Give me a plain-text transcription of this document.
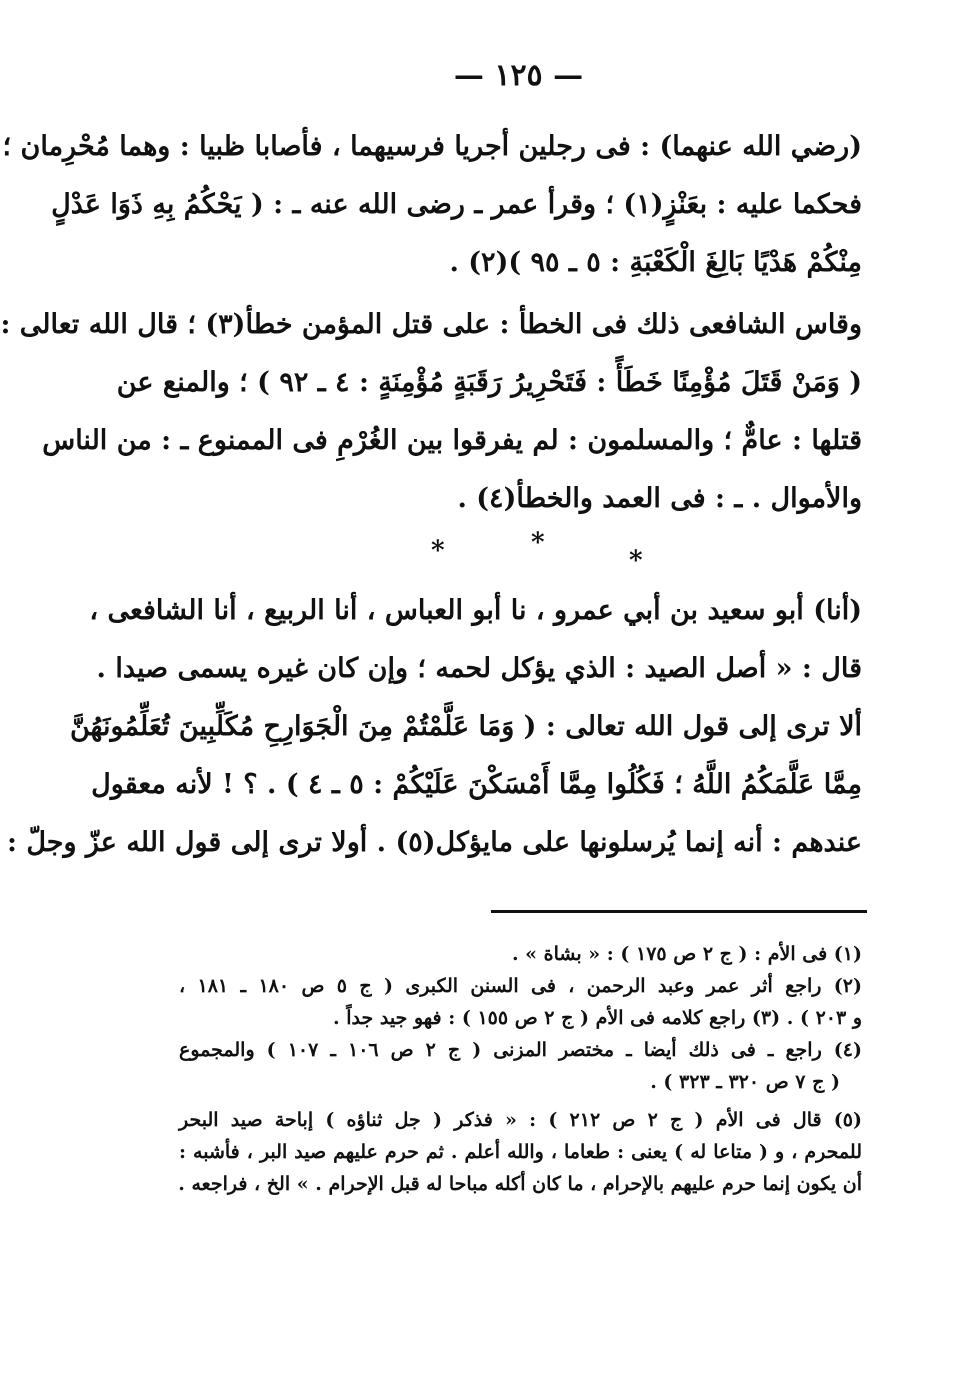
— ١٢٥ —
(رضي الله عنهما) : فى رجلين أجريا فرسيهما ، فأصابا ظبيا : وهما مُحْرِمان ؛
فحكما عليه : بعَنْزٍ(١) ؛ وقرأ عمر ـ رضى الله عنه ـ : ( يَحْكُمُ بِهِ ذَوَا عَدْلٍ
مِنْكُمْ هَدْيًا بَالِغَ الْكَعْبَةِ : ٥ ـ ٩٥ )(٢) .
وقاس الشافعى ذلك فى الخطأ : على قتل المؤمن خطأ(٣) ؛ قال الله تعالى :
( وَمَنْ قَتَلَ مُؤْمِنًا خَطَأً : فَتَحْرِيرُ رَقَبَةٍ مُؤْمِنَةٍ : ٤ ـ ٩٢ ) ؛ والمنع عن
قتلها : عامٌّ ؛ والمسلمون : لم يفرقوا بين الغُرْمِ فى الممنوع ـ : من الناس
والأموال . ـ : فى العمد والخطأ(٤) .
*	*
*
(أنا) أبو سعيد بن أبي عمرو ، نا أبو العباس ، أنا الربيع ، أنا الشافعى ،
قال : « أصل الصيد : الذي يؤكل لحمه ؛ وإن كان غيره يسمى صيدا .
ألا ترى إلى قول الله تعالى : ( وَمَا عَلَّمْتُمْ مِنَ الْجَوَارِحِ مُكَلِّبِينَ تُعَلِّمُونَهُنَّ
مِمَّا عَلَّمَكُمُ اللَّهُ ؛ فَكُلُوا مِمَّا أَمْسَكْنَ عَلَيْكُمْ : ٥ ـ ٤ ) . ؟ ! لأنه معقول
عندهم : أنه إنما يُرسلونها على مايؤكل(٥) . أولا ترى إلى قول الله عزّ وجلّ :
(١) فى الأم : ( ج ٢ ص ١٧٥ ) : « بشاة » .
(٢) راجع أثر عمر وعبد الرحمن ، فى السنن الكبرى ( ج ٥ ص ١٨٠ ـ ١٨١ ،
و ٢٠٣ ) . (٣) راجع كلامه فى الأم ( ج ٢ ص ١٥٥ ) : فهو جيد جداً .
(٤) راجع ـ فى ذلك أيضا ـ مختصر المزنى ( ج ٢ ص ١٠٦ ـ ١٠٧ ) والمجموع
( ج ٧ ص ٣٢٠ ـ ٣٢٣ ) .
(٥) قال فى الأم ( ج ٢ ص ٢١٢ ) : « فذكر ( جل ثناؤه ) إباحة صيد البحر
للمحرم ، و ( متاعا له ) يعنى : طعاما ، والله أعلم . ثم حرم عليهم صيد البر ، فأشبه :
أن يكون إنما حرم عليهم بالإحرام ، ما كان أكله مباحا له قبل الإحرام . » الخ ، فراجعه .
